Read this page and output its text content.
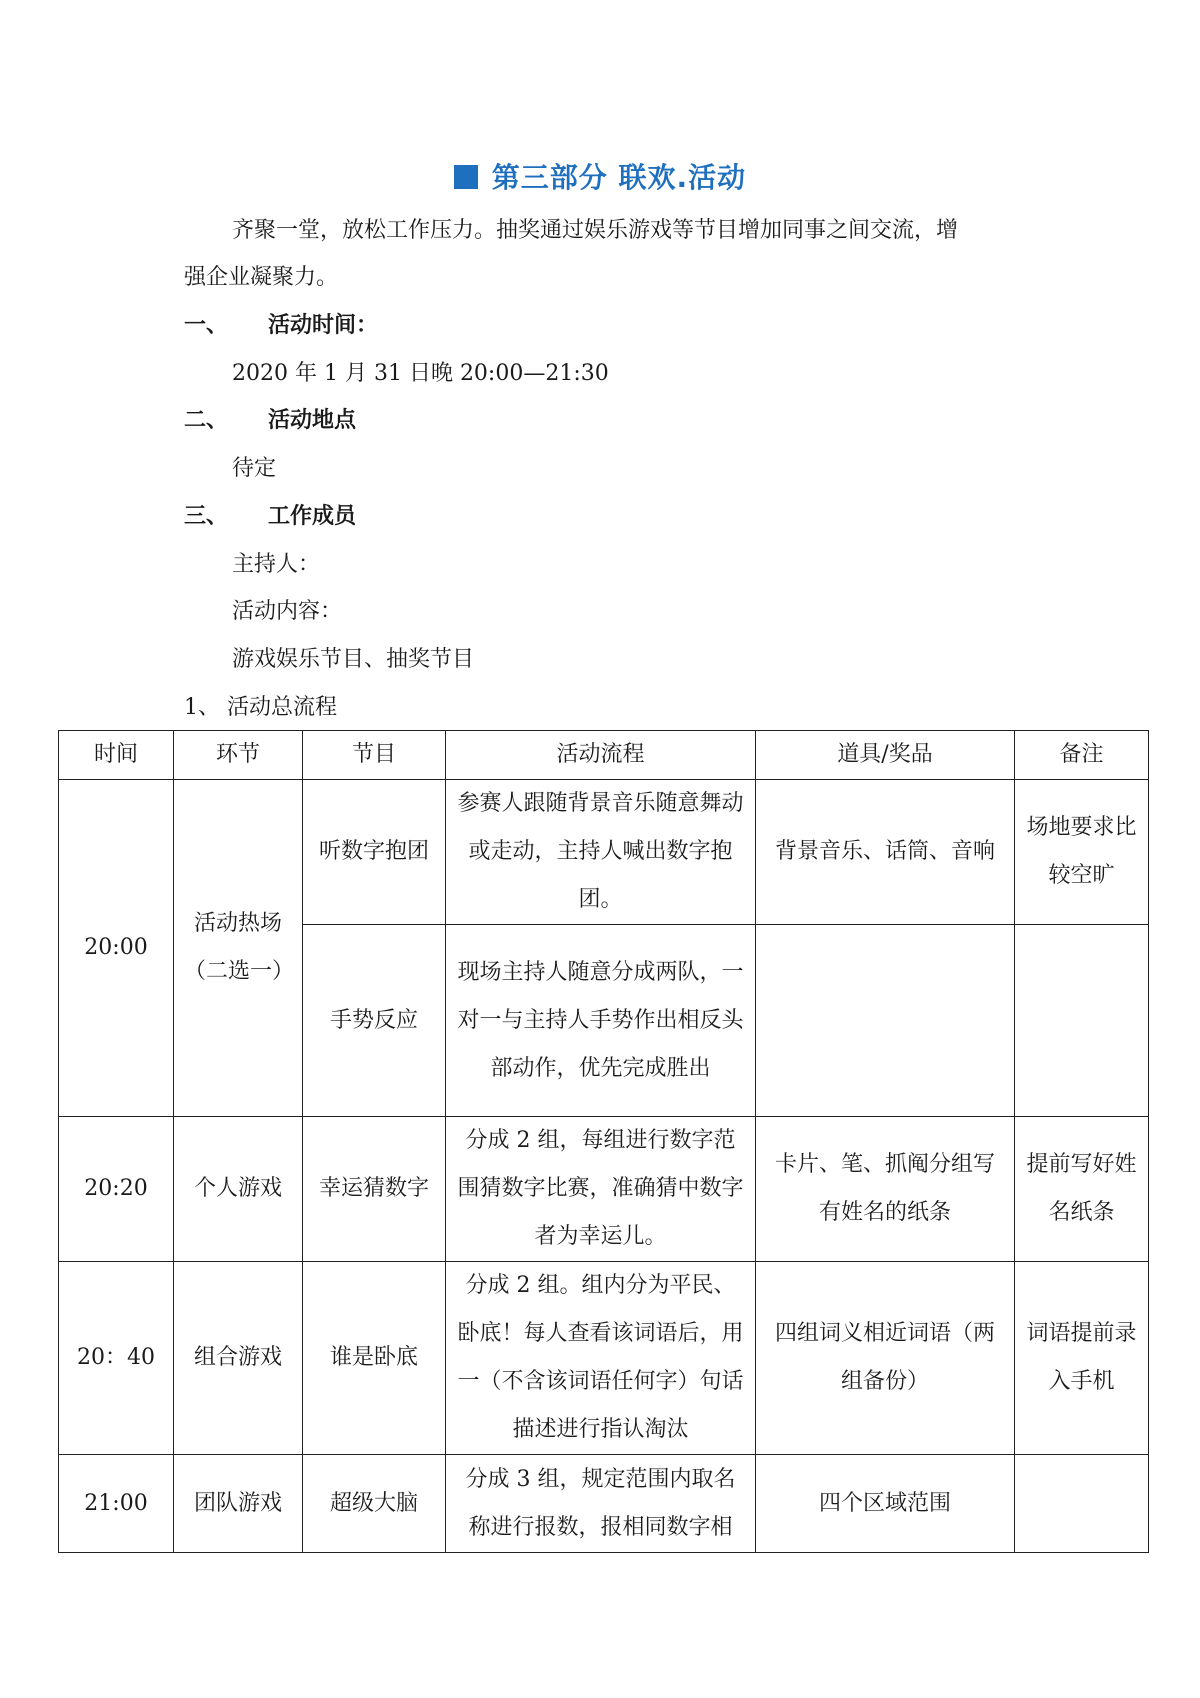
第三部分 联欢.活动
齐聚一堂，放松工作压力。抽奖通过娱乐游戏等节目增加同事之间交流，增
强企业凝聚力。
一、 活动时间：
2020 年 1 月 31 日晚 20:00—21:30
二、 活动地点
待定
三、 工作成员
主持人：
活动内容：
游戏娱乐节目、抽奖节目
1、 活动总流程
时间	环节	节目	活动流程	道具/奖品	备注
20:00	活动热场（二选一）	听数字抱团	参赛人跟随背景音乐随意舞动或走动，主持人喊出数字抱团。	背景音乐、话筒、音响	场地要求比较空旷
		手势反应	现场主持人随意分成两队，一对一与主持人手势作出相反头部动作，优先完成胜出		
20:20	个人游戏	幸运猜数字	分成 2 组，每组进行数字范围猜数字比赛，准确猜中数字者为幸运儿。	卡片、笔、抓阄分组写有姓名的纸条	提前写好姓名纸条
20：40	组合游戏	谁是卧底	分成 2 组。组内分为平民、卧底！每人查看该词语后，用一（不含该词语任何字）句话描述进行指认淘汰	四组词义相近词语（两组备份）	词语提前录入手机
21:00	团队游戏	超级大脑	分成 3 组，规定范围内取名称进行报数，报相同数字相	四个区域范围	
